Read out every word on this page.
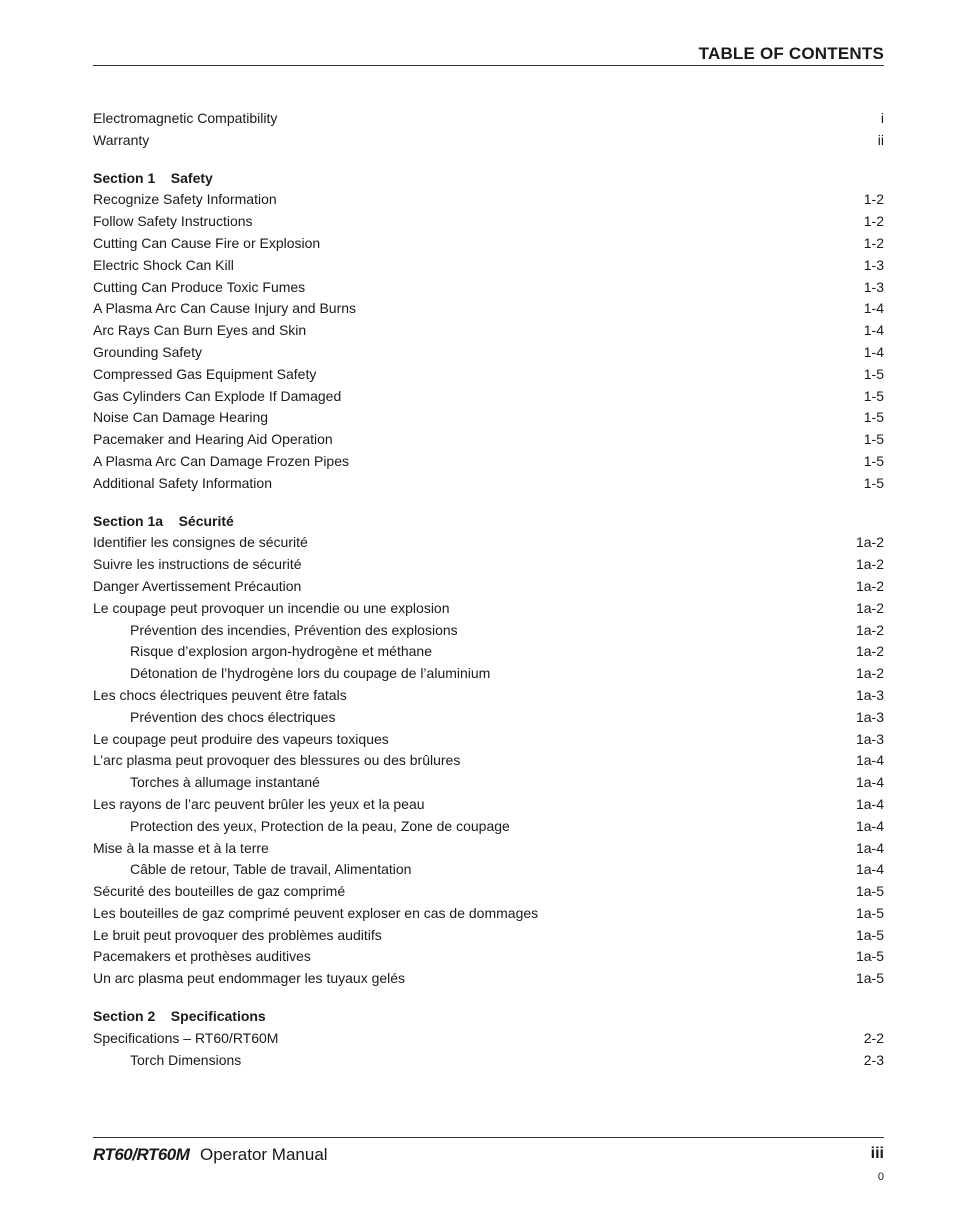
TABLE OF CONTENTS
Electromagnetic Compatibility	i
Warranty	ii
Section 1    Safety
Recognize Safety Information	1-2
Follow Safety Instructions	1-2
Cutting Can Cause Fire or Explosion	1-2
Electric Shock Can Kill	1-3
Cutting Can Produce Toxic Fumes	1-3
A Plasma Arc Can Cause Injury and Burns	1-4
Arc Rays Can Burn Eyes and Skin	1-4
Grounding Safety	1-4
Compressed Gas Equipment Safety	1-5
Gas Cylinders Can Explode If Damaged	1-5
Noise Can Damage Hearing	1-5
Pacemaker and Hearing Aid Operation	1-5
A Plasma Arc Can Damage Frozen Pipes	1-5
Additional Safety Information	1-5
Section 1a    Sécurité
Identifier les consignes de sécurité	1a-2
Suivre les instructions de sécurité	1a-2
Danger Avertissement Précaution	1a-2
Le coupage peut provoquer un incendie ou une explosion	1a-2
Prévention des incendies, Prévention des explosions	1a-2
Risque d’explosion argon-hydrogène et méthane	1a-2
Détonation de l’hydrogène lors du coupage de l’aluminium	1a-2
Les chocs électriques peuvent être fatals	1a-3
Prévention des chocs électriques	1a-3
Le coupage peut produire des vapeurs toxiques	1a-3
L’arc plasma peut provoquer des blessures ou des brûlures	1a-4
Torches à allumage instantané	1a-4
Les rayons de l’arc peuvent brûler les yeux et la peau	1a-4
Protection des yeux, Protection de la peau, Zone de coupage	1a-4
Mise à la masse et à la terre	1a-4
Câble de retour, Table de travail, Alimentation	1a-4
Sécurité des bouteilles de gaz comprimé	1a-5
Les bouteilles de gaz comprimé peuvent exploser en cas de dommages	1a-5
Le bruit peut provoquer des problèmes auditifs	1a-5
Pacemakers et prothèses auditives	1a-5
Un arc plasma peut endommager les tuyaux gelés	1a-5
Section 2    Specifications
Specifications – RT60/RT60M	2-2
Torch Dimensions	2-3
RT60/RT60M Operator Manual	iii
0
